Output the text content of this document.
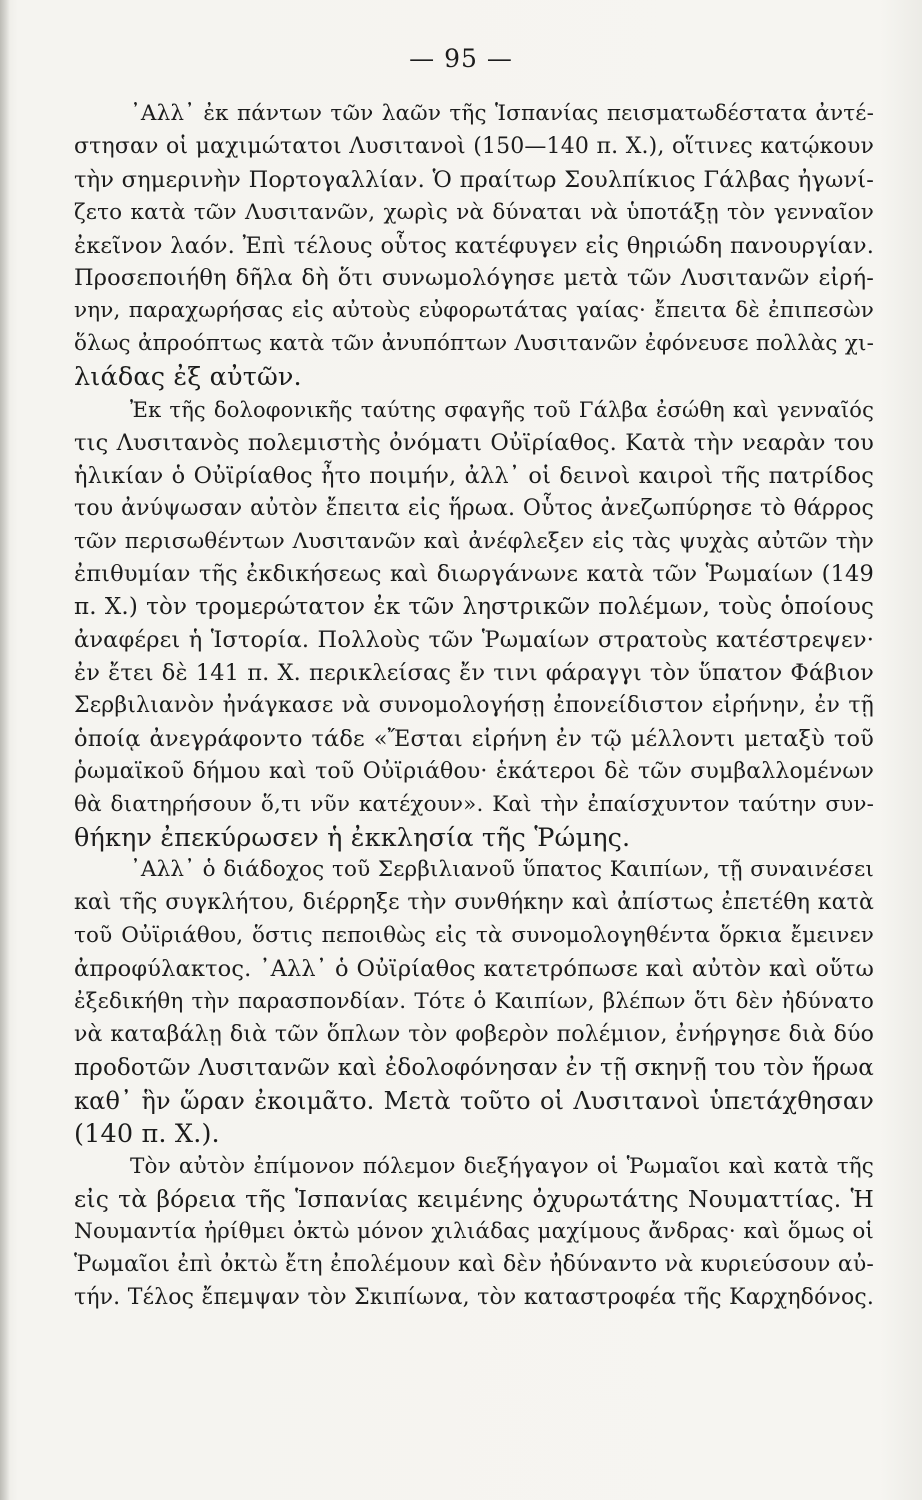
— 95 —
᾿Αλλ᾿ ἐκ πάντων τῶν λαῶν τῆς Ἱσπανίας πεισματωδέστατα ἀντέ-
στησαν οἱ μαχιμώτατοι Λυσιτανοὶ (150—140 π. Χ.), οἵτινες κατῴκουν
τὴν σημερινὴν Πορτογαλλίαν. Ὁ πραίτωρ Σουλπίκιος Γάλβας ἠγωνί-
ζετο κατὰ τῶν Λυσιτανῶν, χωρὶς νὰ δύναται νὰ ὑποτάξῃ τὸν γενναῖον
ἐκεῖνον λαόν. Ἐπὶ τέλους οὗτος κατέφυγεν εἰς θηριώδη πανουργίαν.
Προσεποιήθη δῆλα δὴ ὅτι συνωμολόγησε μετὰ τῶν Λυσιτανῶν εἰρή-
νην, παραχωρήσας εἰς αὐτοὺς εὐφορωτάτας γαίας· ἔπειτα δὲ ἐπιπεσὼν
ὅλως ἀπροόπτως κατὰ τῶν ἀνυπόπτων Λυσιτανῶν ἐφόνευσε πολλὰς χι-
λιάδας ἐξ αὐτῶν.
Ἐκ τῆς δολοφονικῆς ταύτης σφαγῆς τοῦ Γάλβα ἐσώθη καὶ γενναῖός
τις Λυσιτανὸς πολεμιστὴς ὀνόματι Οὐϊρίαθος. Κατὰ τὴν νεαρὰν του
ἡλικίαν ὁ Οὐϊρίαθος ἦτο ποιμήν, ἀλλ᾿ οἱ δεινοὶ καιροὶ τῆς πατρίδος
του ἀνύψωσαν αὐτὸν ἔπειτα εἰς ἥρωα. Οὗτος ἀνεζωπύρησε τὸ θάρρος
τῶν περισωθέντων Λυσιτανῶν καὶ ἀνέφλεξεν εἰς τὰς ψυχὰς αὐτῶν τὴν
ἐπιθυμίαν τῆς ἐκδικήσεως καὶ διωργάνωνε κατὰ τῶν Ῥωμαίων (149
π. Χ.) τὸν τρομερώτατον ἐκ τῶν ληστρικῶν πολέμων, τοὺς ὁποίους
ἀναφέρει ἡ Ἱστορία. Πολλοὺς τῶν Ῥωμαίων στρατοὺς κατέστρεψεν·
ἐν ἔτει δὲ 141 π. Χ. περικλείσας ἔν τινι φάραγγι τὸν ὕπατον Φάβιον
Σερβιλιανὸν ἠνάγκασε νὰ συνομολογήσῃ ἐπονείδιστον εἰρήνην, ἐν τῇ
ὁποίᾳ ἀνεγράφοντο τάδε «Ἔσται εἰρήνη ἐν τῷ μέλλοντι μεταξὺ τοῦ
ῥωμαϊκοῦ δήμου καὶ τοῦ Οὐϊριάθου· ἑκάτεροι δὲ τῶν συμβαλλομένων
θὰ διατηρήσουν ὅ,τι νῦν κατέχουν». Καὶ τὴν ἐπαίσχυντον ταύτην συν-
θήκην ἐπεκύρωσεν ἡ ἐκκλησία τῆς Ῥώμης.
᾿Αλλ᾿ ὁ διάδοχος τοῦ Σερβιλιανοῦ ὕπατος Καιπίων, τῇ συναινέσει
καὶ τῆς συγκλήτου, διέρρηξε τὴν συνθήκην καὶ ἀπίστως ἐπετέθη κατὰ
τοῦ Οὐϊριάθου, ὅστις πεποιθὼς εἰς τὰ συνομολογηθέντα ὅρκια ἔμεινεν
ἀπροφύλακτος. ᾿Αλλ᾿ ὁ Οὐϊρίαθος κατετρόπωσε καὶ αὐτὸν καὶ οὕτω
ἐξεδικήθη τὴν παρασπονδίαν. Τότε ὁ Καιπίων, βλέπων ὅτι δὲν ἠδύνατο
νὰ καταβάλῃ διὰ τῶν ὅπλων τὸν φοβερὸν πολέμιον, ἐνήργησε διὰ δύο
προδοτῶν Λυσιτανῶν καὶ ἐδολοφόνησαν ἐν τῇ σκηνῇ του τὸν ἥρωα
καθ᾿ ἣν ὥραν ἐκοιμᾶτο. Μετὰ τοῦτο οἱ Λυσιτανοὶ ὑπετάχθησαν
(140 π. Χ.).
Τὸν αὐτὸν ἐπίμονον πόλεμον διεξήγαγον οἱ Ῥωμαῖοι καὶ κατὰ τῆς
εἰς τὰ βόρεια τῆς Ἱσπανίας κειμένης ὀχυρωτάτης Νουματτίας. Ἡ
Νουμαντία ἠρίθμει ὀκτὼ μόνον χιλιάδας μαχίμους ἄνδρας· καὶ ὅμως οἱ
Ῥωμαῖοι ἐπὶ ὀκτὼ ἔτη ἐπολέμουν καὶ δὲν ἠδύναντο νὰ κυριεύσουν αὐ-
τήν. Τέλος ἔπεμψαν τὸν Σκιπίωνα, τὸν καταστροφέα τῆς Καρχηδόνος.
